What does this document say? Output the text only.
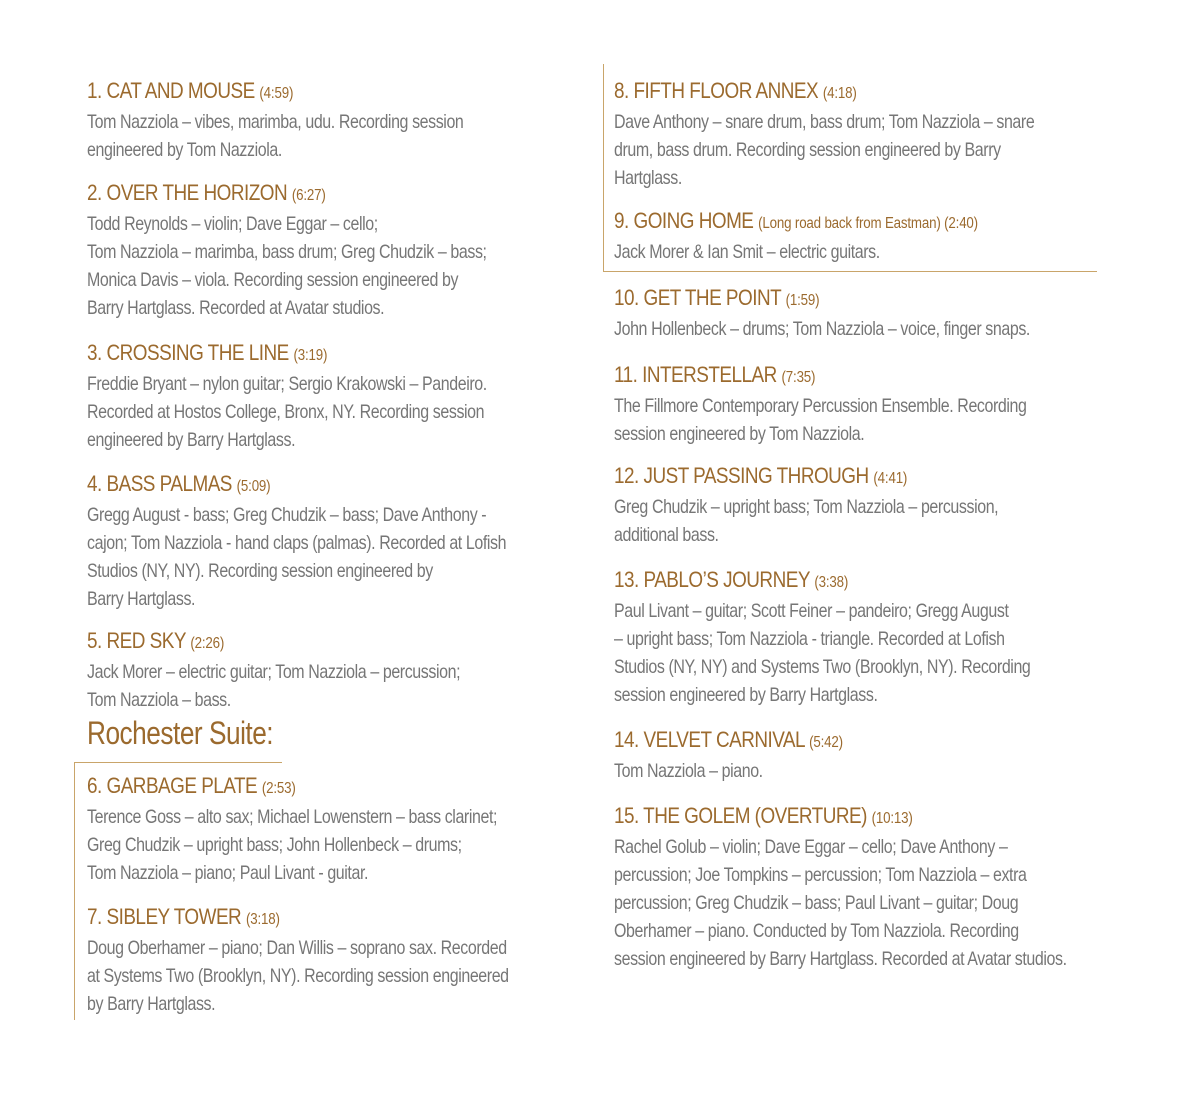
Rochester Suite:
1. CAT AND MOUSE (4:59)
Tom Nazziola – vibes, marimba, udu. Recording session
engineered by Tom Nazziola.
2. OVER THE HORIZON (6:27)
Todd Reynolds – violin; Dave Eggar – cello;
Tom Nazziola – marimba, bass drum; Greg Chudzik – bass;
Monica Davis – viola. Recording session engineered by
Barry Hartglass. Recorded at Avatar studios.
3. CROSSING THE LINE (3:19)
Freddie Bryant – nylon guitar; Sergio Krakowski – Pandeiro.
Recorded at Hostos College, Bronx, NY. Recording session
engineered by Barry Hartglass.
4. BASS PALMAS (5:09)
Gregg August - bass; Greg Chudzik – bass; Dave Anthony -
cajon; Tom Nazziola - hand claps (palmas). Recorded at Lofish
Studios (NY, NY). Recording session engineered by
Barry Hartglass.
5. RED SKY (2:26)
Jack Morer – electric guitar; Tom Nazziola – percussion;
Tom Nazziola – bass.
6. GARBAGE PLATE (2:53)
Terence Goss – alto sax; Michael Lowenstern – bass clarinet;
Greg Chudzik – upright bass; John Hollenbeck – drums;
Tom Nazziola – piano; Paul Livant - guitar.
7. SIBLEY TOWER (3:18)
Doug Oberhamer – piano; Dan Willis – soprano sax. Recorded
at Systems Two (Brooklyn, NY). Recording session engineered
by Barry Hartglass.
8. FIFTH FLOOR ANNEX (4:18)
Dave Anthony – snare drum, bass drum; Tom Nazziola – snare
drum, bass drum. Recording session engineered by Barry
Hartglass.
9. GOING HOME (Long road back from Eastman) (2:40)
Jack Morer & Ian Smit – electric guitars.
10. GET THE POINT (1:59)
John Hollenbeck – drums; Tom Nazziola – voice, finger snaps.
11. INTERSTELLAR (7:35)
The Fillmore Contemporary Percussion Ensemble. Recording
session engineered by Tom Nazziola.
12. JUST PASSING THROUGH (4:41)
Greg Chudzik – upright bass; Tom Nazziola – percussion,
additional bass.
13. PABLO’S JOURNEY (3:38)
Paul Livant – guitar; Scott Feiner – pandeiro; Gregg August
– upright bass; Tom Nazziola - triangle. Recorded at Lofish
Studios (NY, NY) and Systems Two (Brooklyn, NY). Recording
session engineered by Barry Hartglass.
14. VELVET CARNIVAL (5:42)
Tom Nazziola – piano.
15. THE GOLEM (OVERTURE) (10:13)
Rachel Golub – violin; Dave Eggar – cello; Dave Anthony –
percussion; Joe Tompkins – percussion; Tom Nazziola – extra
percussion; Greg Chudzik – bass; Paul Livant – guitar; Doug
Oberhamer – piano. Conducted by Tom Nazziola. Recording
session engineered by Barry Hartglass. Recorded at Avatar studios.
